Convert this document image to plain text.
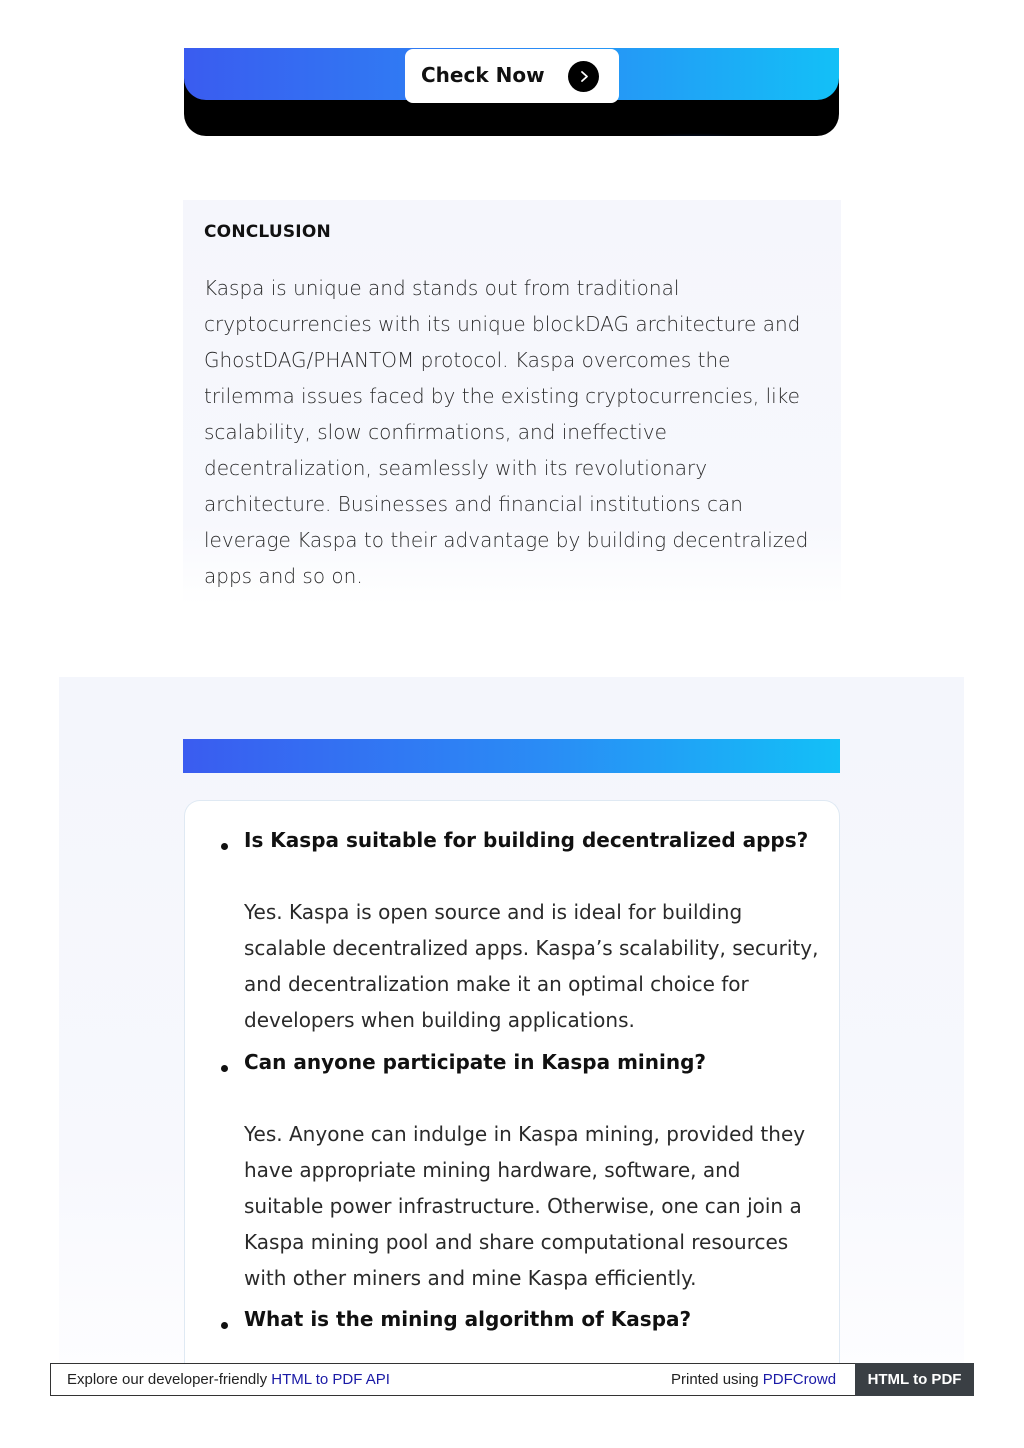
Check Now
CONCLUSION

Kaspa is unique and stands out from traditional cryptocurrencies with its unique blockDAG architecture and GhostDAG/PHANTOM protocol. Kaspa overcomes the trilemma issues faced by the existing cryptocurrencies, like scalability, slow confirmations, and ineffective decentralization, seamlessly with its revolutionary architecture. Businesses and financial institutions can leverage Kaspa to their advantage by building decentralized apps and so on.

Is Kaspa suitable for building decentralized apps?

Yes. Kaspa is open source and is ideal for building scalable decentralized apps. Kaspa’s scalability, security, and decentralization make it an optimal choice for developers when building applications.

Can anyone participate in Kaspa mining?

Yes. Anyone can indulge in Kaspa mining, provided they have appropriate mining hardware, software, and suitable power infrastructure. Otherwise, one can join a Kaspa mining pool and share computational resources with other miners and mine Kaspa efficiently.

What is the mining algorithm of Kaspa?
Explore our developer-friendly HTML to PDF API	Printed using PDFCrowd	HTML to PDF
